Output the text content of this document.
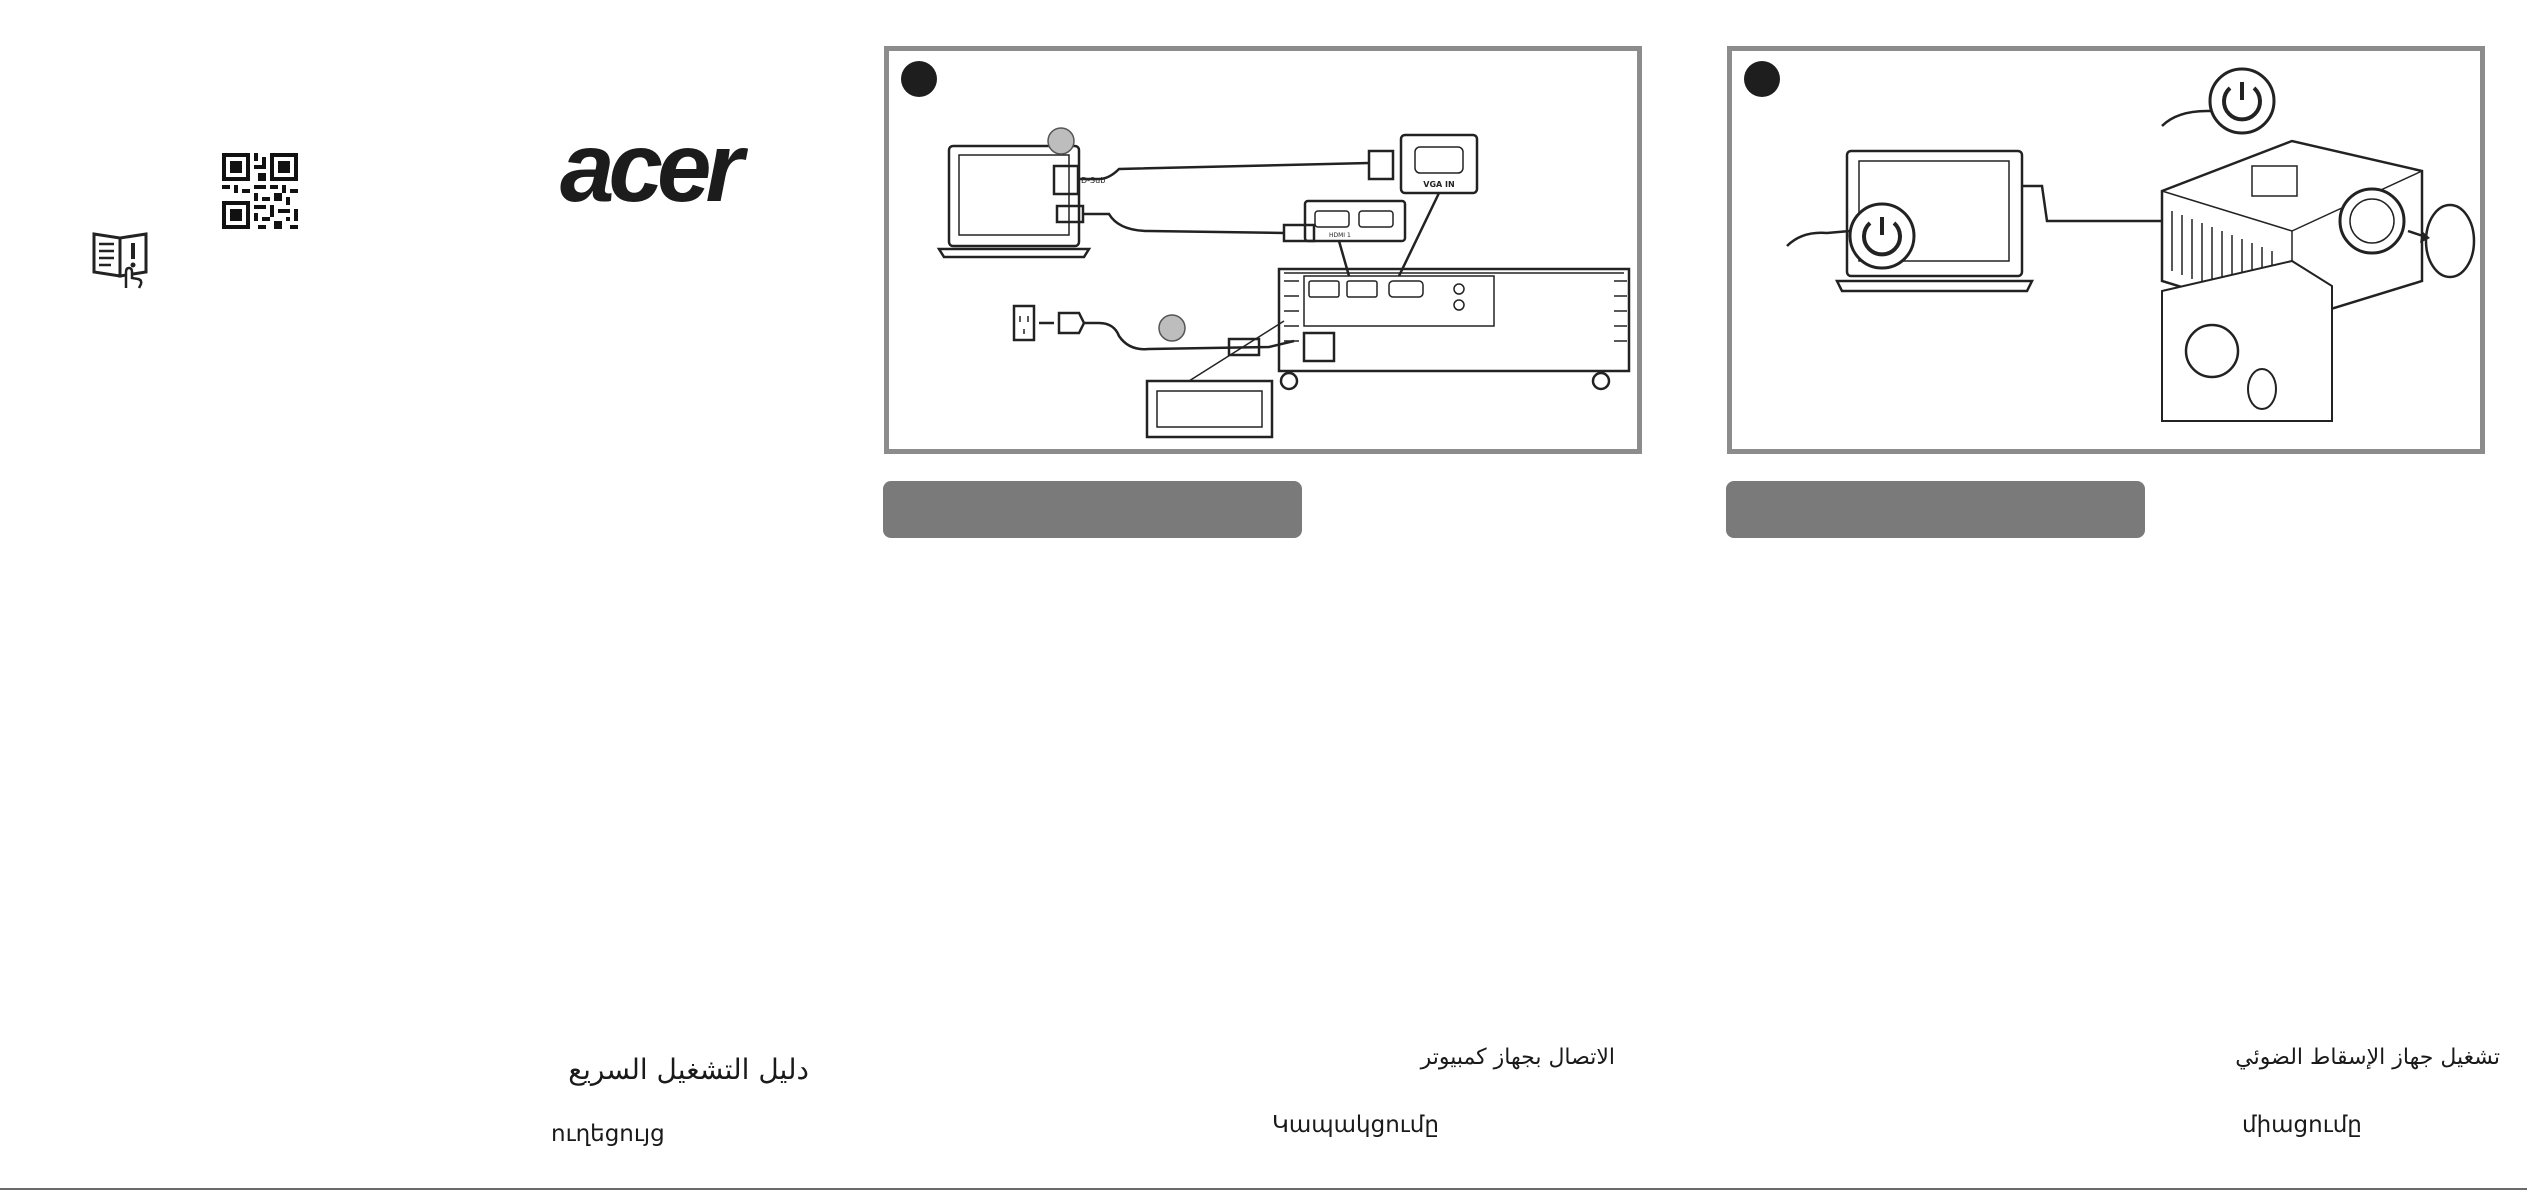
acer	D-Sub	VGA IN
HDMI 1
دليل التشغيل السريع
ուղեցույց
الاتصال بجهاز كمبيوتر
Կապակցումը
تشغيل جهاز الإسقاط الضوئي
միացումը
